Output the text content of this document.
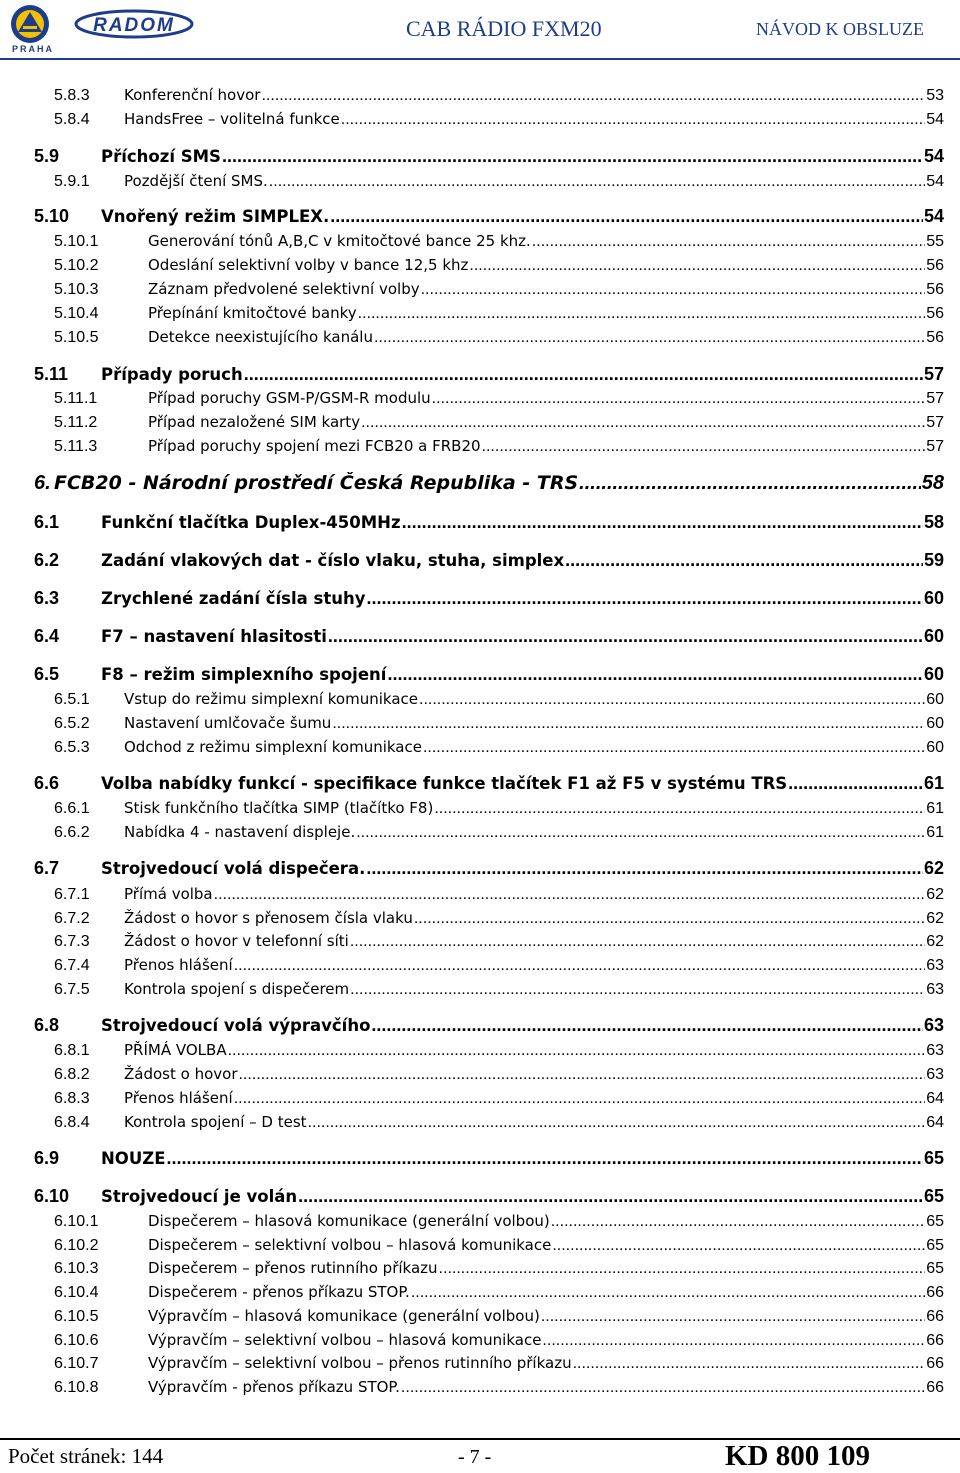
RADOM
PRAHA
CAB RÁDIO FXM20	NÁVOD K OBSLUZE
5.8.3	Konferenční hovor .....	53
5.8.4	HandsFree – volitelná funkce .....	54
5.9	Příchozí SMS .....	54
5.9.1	Pozdější čtení SMS. .....	54
5.10	Vnořený režim SIMPLEX. .....	54
5.10.1	Generování tónů A,B,C v kmitočtové bance 25 khz. .....	55
5.10.2	Odeslání selektivní volby v bance 12,5 khz .....	56
5.10.3	Záznam předvolené selektivní volby .....	56
5.10.4	Přepínání kmitočtové banky .....	56
5.10.5	Detekce neexistujícího kanálu .....	56
5.11	Případy poruch .....	57
5.11.1	Případ poruchy GSM-P/GSM-R modulu .....	57
5.11.2	Případ nezaložené SIM karty .....	57
5.11.3	Případ poruchy spojení mezi FCB20 a FRB20 .....	57
6. FCB20 - Národní prostředí Česká Republika - TRS .....	58
6.1	Funkční tlačítka Duplex-450MHz .....	58
6.2	Zadání vlakových dat - číslo vlaku, stuha, simplex .....	59
6.3	Zrychlené zadání čísla stuhy .....	60
6.4	F7 – nastavení hlasitosti .....	60
6.5	F8 – režim simplexního spojení .....	60
6.5.1	Vstup do režimu simplexní komunikace .....	60
6.5.2	Nastavení umlčovače šumu .....	60
6.5.3	Odchod z režimu simplexní komunikace .....	60
6.6	Volba nabídky funkcí - specifikace funkce tlačítek F1 až F5 v systému TRS .....	61
6.6.1	Stisk funkčního tlačítka SIMP (tlačítko F8) .....	61
6.6.2	Nabídka 4 - nastavení displeje. .....	61
6.7	Strojvedoucí volá dispečera. .....	62
6.7.1	Přímá volba .....	62
6.7.2	Žádost o hovor s přenosem čísla vlaku .....	62
6.7.3	Žádost o hovor v telefonní síti .....	62
6.7.4	Přenos hlášení .....	63
6.7.5	Kontrola spojení s dispečerem .....	63
6.8	Strojvedoucí volá výpravčího .....	63
6.8.1	PŘÍMÁ VOLBA .....	63
6.8.2	Žádost o hovor .....	63
6.8.3	Přenos hlášení .....	64
6.8.4	Kontrola spojení – D test .....	64
6.9	NOUZE .....	65
6.10	Strojvedoucí je volán .....	65
6.10.1	Dispečerem – hlasová komunikace (generální volbou) .....	65
6.10.2	Dispečerem – selektivní volbou – hlasová komunikace .....	65
6.10.3	Dispečerem – přenos rutinního příkazu .....	65
6.10.4	Dispečerem - přenos příkazu STOP. .....	66
6.10.5	Výpravčím – hlasová komunikace (generální volbou) .....	66
6.10.6	Výpravčím – selektivní volbou – hlasová komunikace .....	66
6.10.7	Výpravčím – selektivní volbou – přenos rutinního příkazu .....	66
6.10.8	Výpravčím - přenos příkazu STOP. .....	66
Počet stránek: 144	- 7 -	KD 800 109
